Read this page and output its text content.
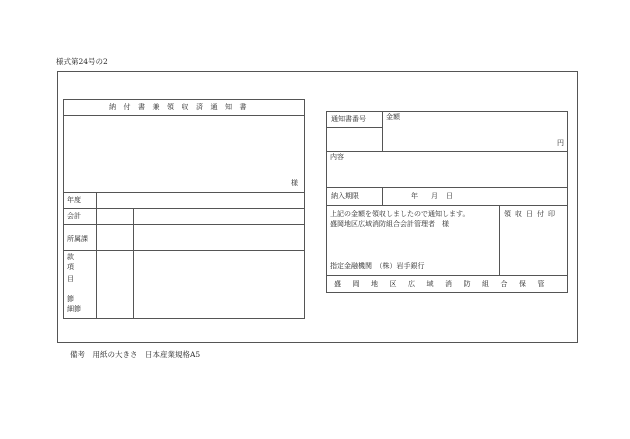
様式第24号の2
納付書兼領収済通知書
様
年度
会計
所属課
款
項
目
節
細節
通知書番号	金額
円
内容
納入期限	年 月 日
上記の金額を領収しましたので通知します。
盛岡地区広域消防組合会計管理者　様
指定金融機関　（株）岩手銀行
領収日付印
盛岡地区広域消防組合保管
備考　用紙の大きさ　日本産業規格A5
